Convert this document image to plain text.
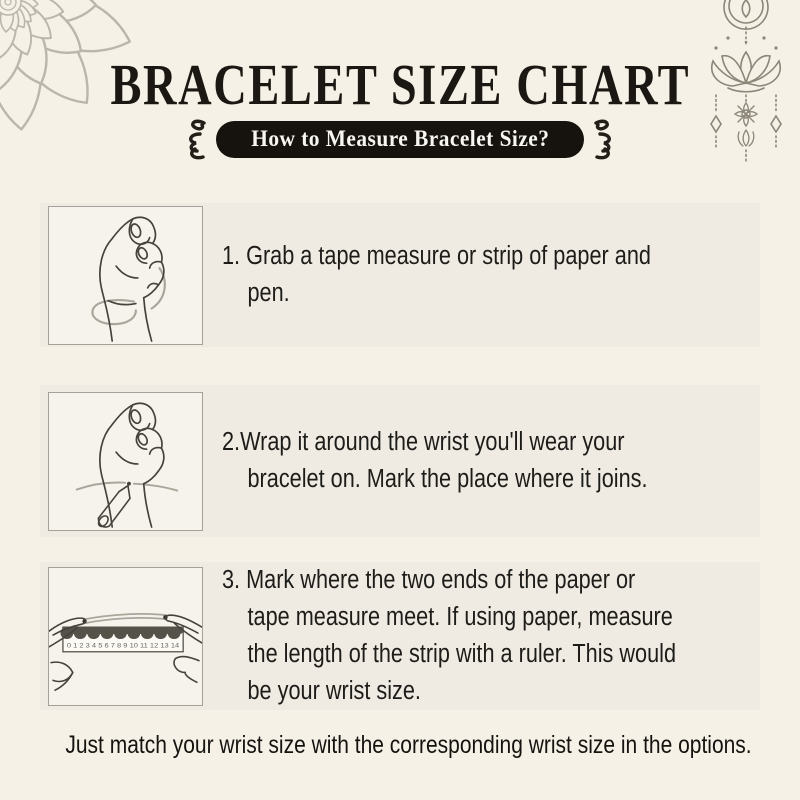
BRACELET SIZE CHART
How to Measure Bracelet Size?
1. Grab a tape measure or strip of paper and
pen.
2.Wrap it around the wrist you'll wear your
bracelet on. Mark the place where it joins.
0 1 2 3 4 5 6 7 8 9 10 11 12 13 14
3. Mark where the two ends of the paper or
tape measure meet. If using paper, measure
the length of the strip with a ruler. This would
be your wrist size.
Just match your wrist size with the corresponding wrist size in the options.
